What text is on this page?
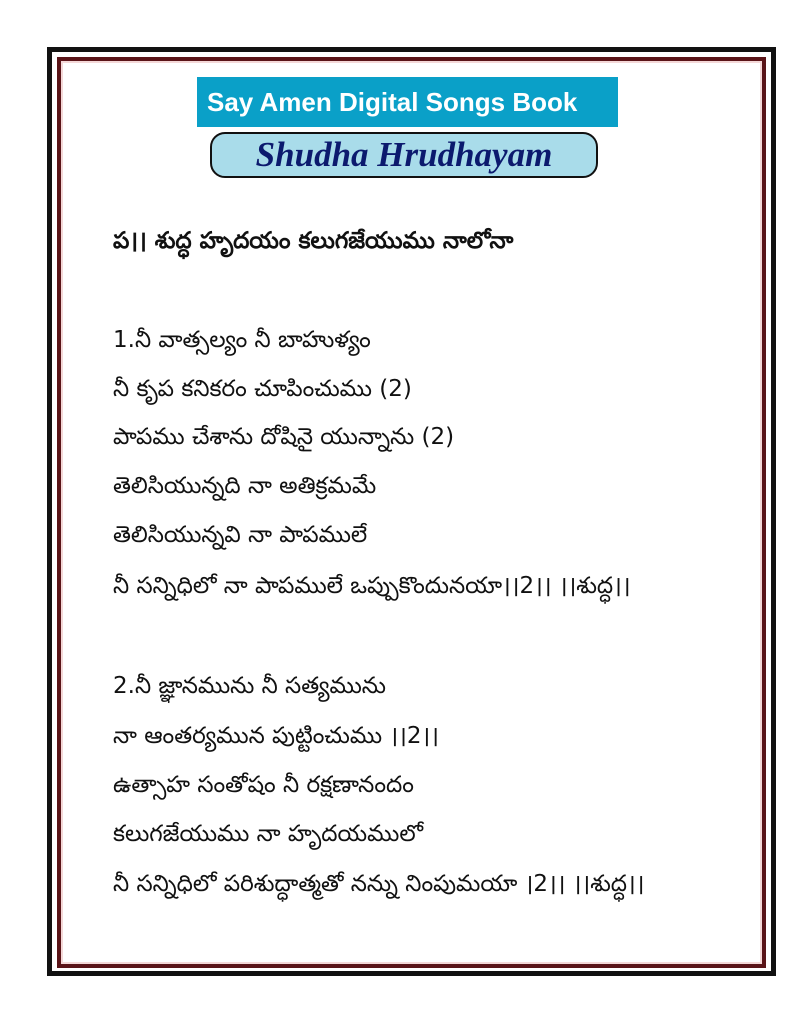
Say Amen Digital Songs Book
Shudha Hrudhayam
ప।। శుద్ధ హృదయం కలుగజేయుము నాలోనా
1.నీ వాత్సల్యం నీ బాహుళ్యం
నీ కృప కనికరం చూపించుము (2)
పాపము చేశాను దోషినై యున్నాను (2)
తెలిసియున్నది నా అతిక్రమమే
తెలిసియున్నవి నా పాపములే
నీ సన్నిధిలో నా పాపములే ఒప్పుకొందునయా।।2।। ।।శుద్ధ।।
2.నీ జ్ఞానమును నీ సత్యమును
నా ఆంతర్యమున పుట్టించుము ।।2।।
ఉత్సాహ సంతోషం నీ రక్షణానందం
కలుగజేయుము నా హృదయములో
నీ సన్నిధిలో పరిశుద్ధాత్మతో నన్ను నింపుమయా ।2।। ।।శుద్ధ।।
